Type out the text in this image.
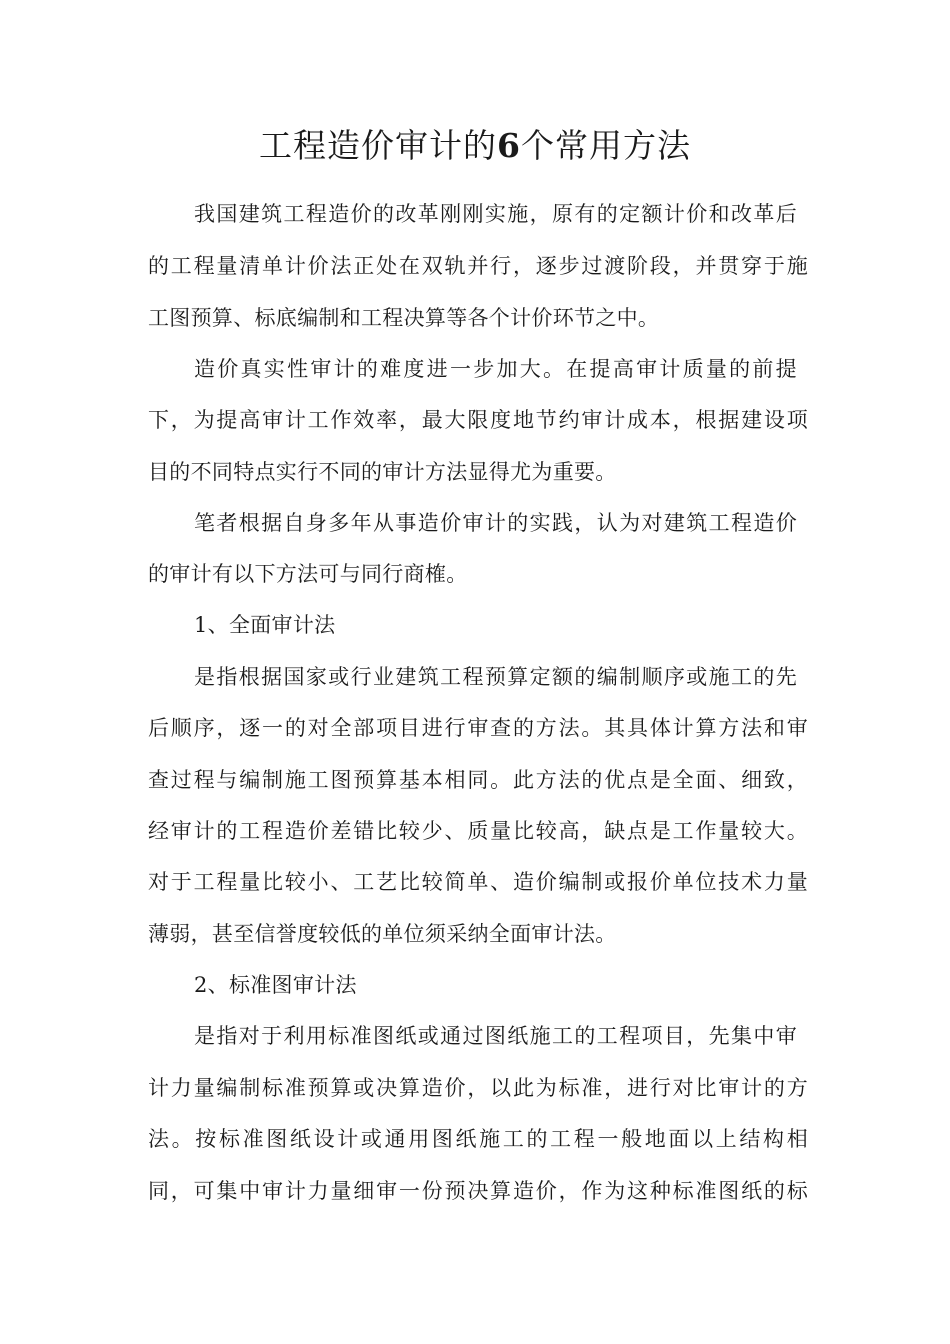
工程造价审计的6个常用方法

我国建筑工程造价的改革刚刚实施，原有的定额计价和改革后

的工程量清单计价法正处在双轨并行，逐步过渡阶段，并贯穿于施

工图预算、标底编制和工程决算等各个计价环节之中。

造价真实性审计的难度进一步加大。在提高审计质量的前提

下，为提高审计工作效率，最大限度地节约审计成本，根据建设项

目的不同特点实行不同的审计方法显得尤为重要。

笔者根据自身多年从事造价审计的实践，认为对建筑工程造价

的审计有以下方法可与同行商榷。

1、全面审计法

是指根据国家或行业建筑工程预算定额的编制顺序或施工的先

后顺序，逐一的对全部项目进行审查的方法。其具体计算方法和审

查过程与编制施工图预算基本相同。此方法的优点是全面、细致，

经审计的工程造价差错比较少、质量比较高，缺点是工作量较大。

对于工程量比较小、工艺比较简单、造价编制或报价单位技术力量

薄弱，甚至信誉度较低的单位须采纳全面审计法。

2、标准图审计法

是指对于利用标准图纸或通过图纸施工的工程项目，先集中审

计力量编制标准预算或决算造价，以此为标准，进行对比审计的方

法。按标准图纸设计或通用图纸施工的工程一般地面以上结构相

同，可集中审计力量细审一份预决算造价，作为这种标准图纸的标
